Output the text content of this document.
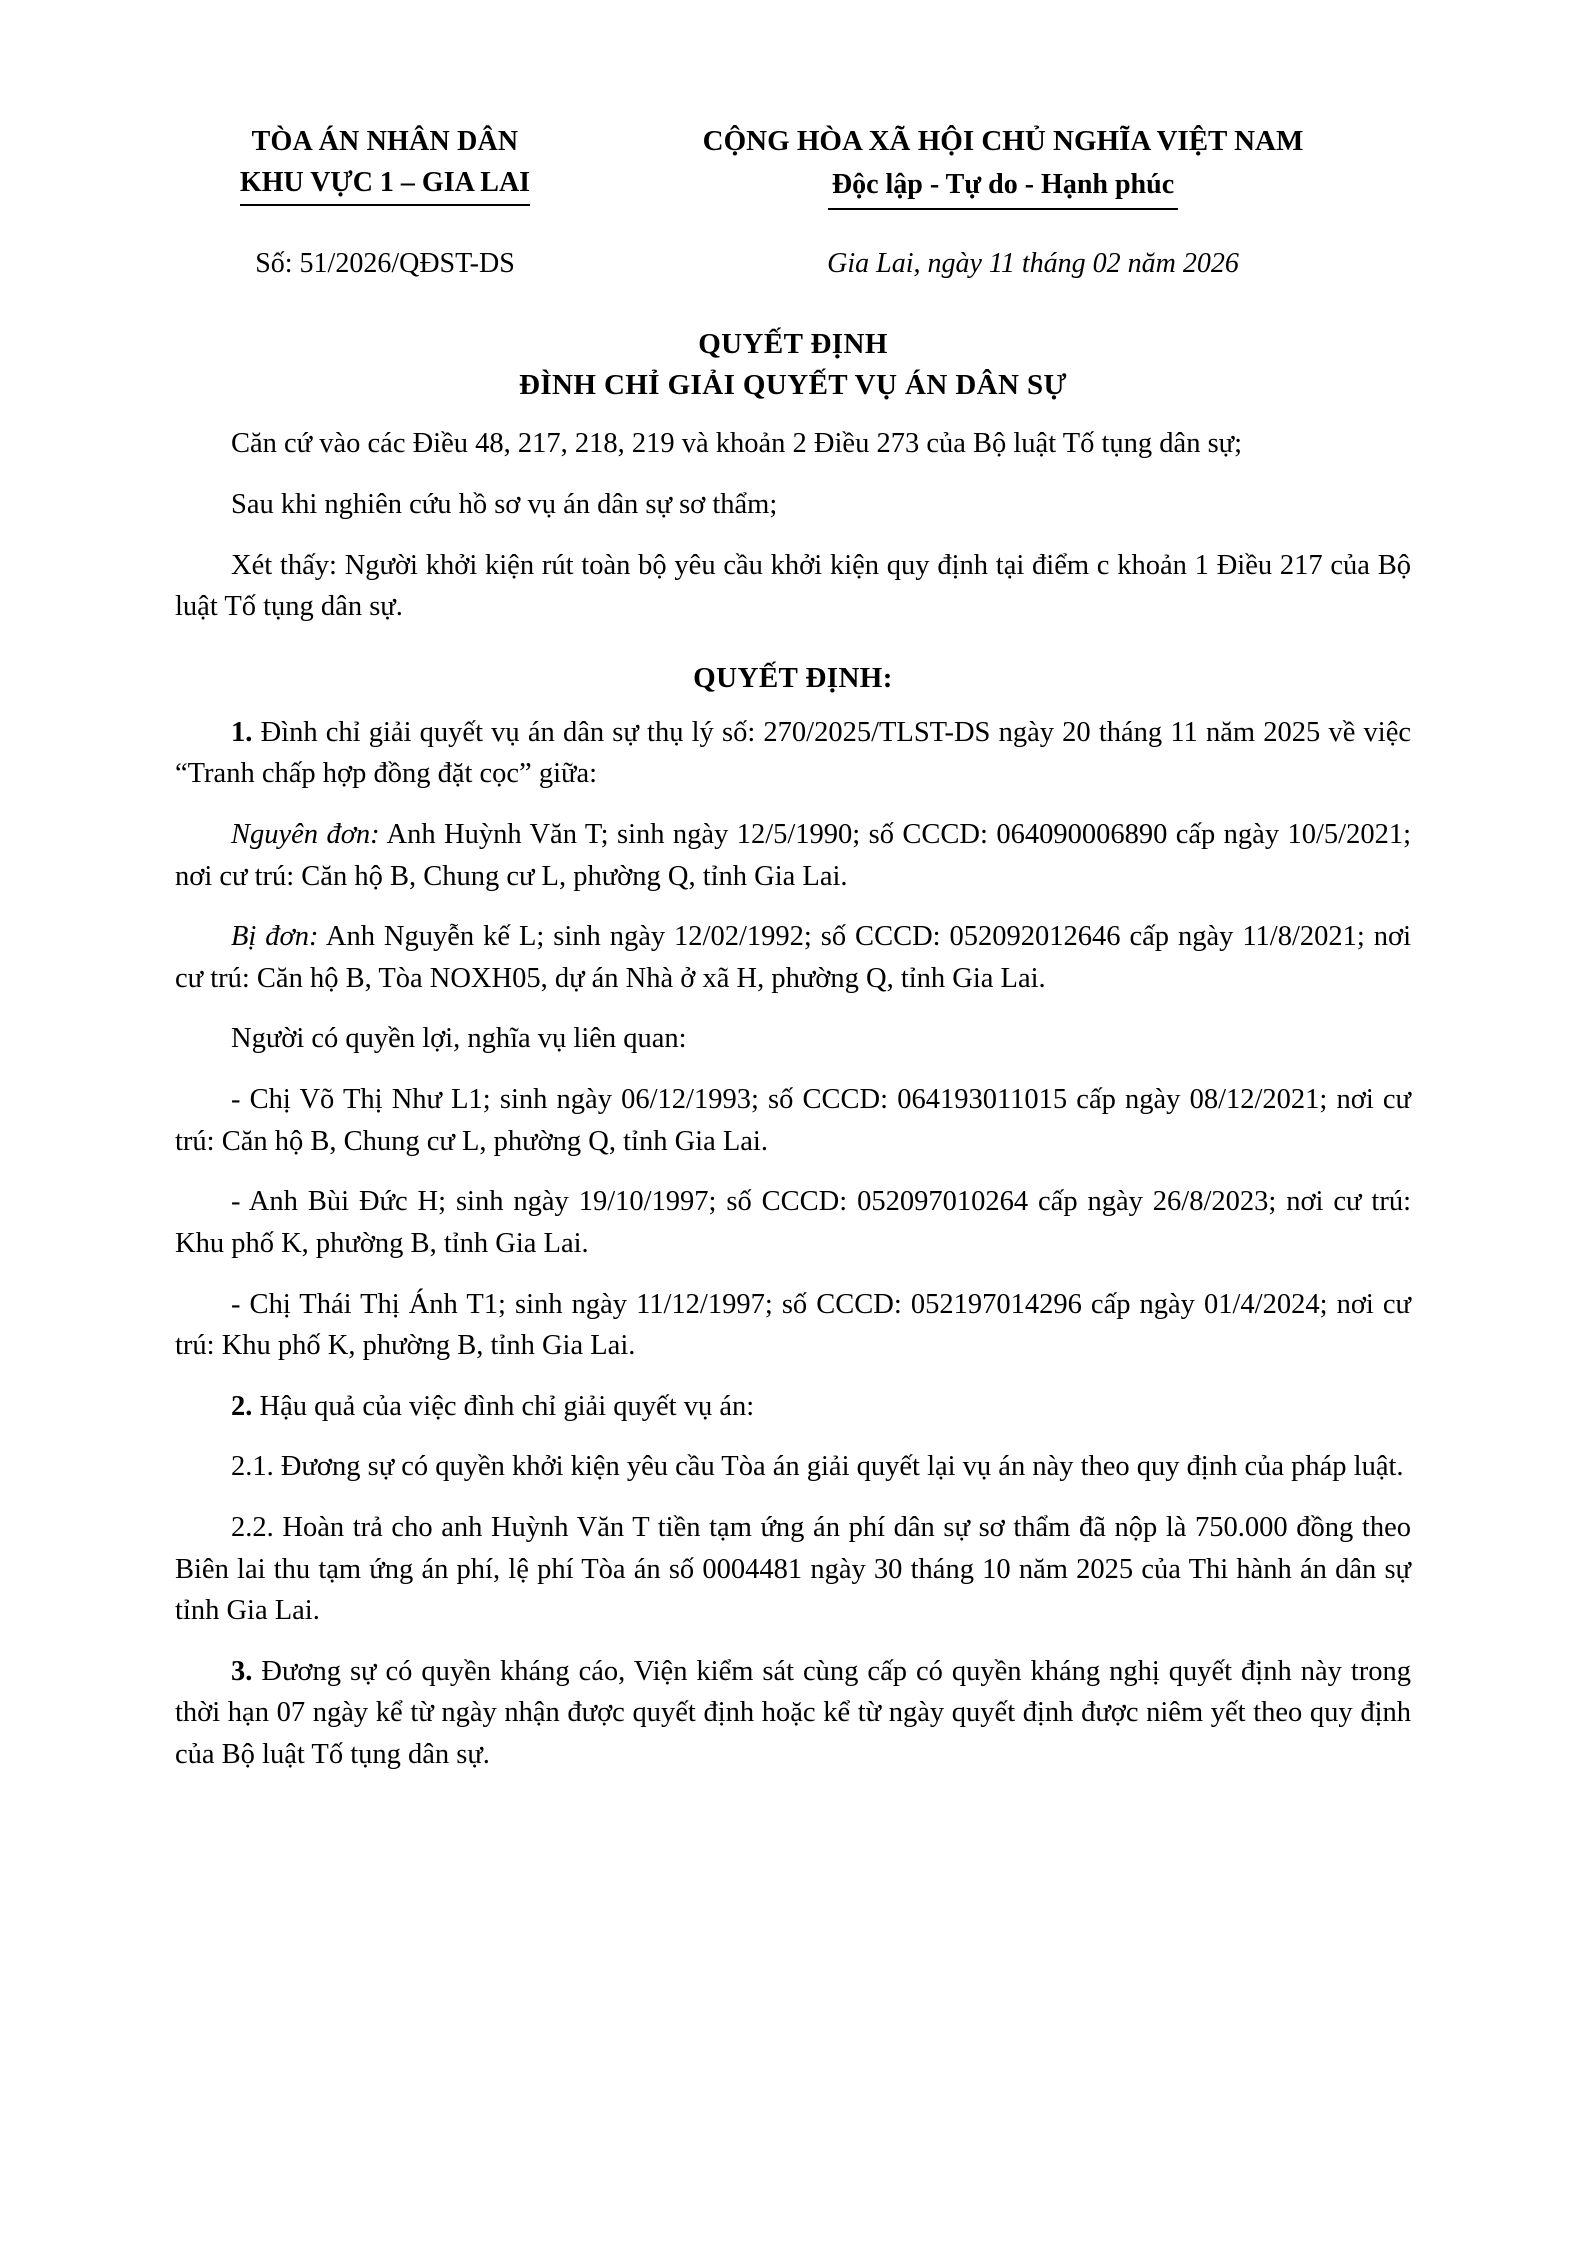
TÒA ÁN NHÂN DÂN
KHU VỰC 1 – GIA LAI
CỘNG HÒA XÃ HỘI CHỦ NGHĨA VIỆT NAM
Độc lập - Tự do - Hạnh phúc
Số: 51/2026/QĐST-DS	Gia Lai, ngày 11 tháng 02 năm 2026
QUYẾT ĐỊNH
ĐÌNH CHỈ GIẢI QUYẾT VỤ ÁN DÂN SỰ

Căn cứ vào các Điều 48, 217, 218, 219 và khoản 2 Điều 273 của Bộ luật Tố tụng dân sự;

Sau khi nghiên cứu hồ sơ vụ án dân sự sơ thẩm;

Xét thấy: Người khởi kiện rút toàn bộ yêu cầu khởi kiện quy định tại điểm c khoản 1 Điều 217 của Bộ luật Tố tụng dân sự.

QUYẾT ĐỊNH:

1. Đình chỉ giải quyết vụ án dân sự thụ lý số: 270/2025/TLST-DS ngày 20 tháng 11 năm 2025 về việc “Tranh chấp hợp đồng đặt cọc” giữa:

Nguyên đơn: Anh Huỳnh Văn T; sinh ngày 12/5/1990; số CCCD: 064090006890 cấp ngày 10/5/2021; nơi cư trú: Căn hộ B, Chung cư L, phường Q, tỉnh Gia Lai.

Bị đơn: Anh Nguyễn kế L; sinh ngày 12/02/1992; số CCCD: 052092012646 cấp ngày 11/8/2021; nơi cư trú: Căn hộ B, Tòa NOXH05, dự án Nhà ở xã H, phường Q, tỉnh Gia Lai.

Người có quyền lợi, nghĩa vụ liên quan:

- Chị Võ Thị Như L1; sinh ngày 06/12/1993; số CCCD: 064193011015 cấp ngày 08/12/2021; nơi cư trú: Căn hộ B, Chung cư L, phường Q, tỉnh Gia Lai.

- Anh Bùi Đức H; sinh ngày 19/10/1997; số CCCD: 052097010264 cấp ngày 26/8/2023; nơi cư trú: Khu phố K, phường B, tỉnh Gia Lai.

- Chị Thái Thị Ánh T1; sinh ngày 11/12/1997; số CCCD: 052197014296 cấp ngày 01/4/2024; nơi cư trú: Khu phố K, phường B, tỉnh Gia Lai.

2. Hậu quả của việc đình chỉ giải quyết vụ án:

2.1. Đương sự có quyền khởi kiện yêu cầu Tòa án giải quyết lại vụ án này theo quy định của pháp luật.

2.2. Hoàn trả cho anh Huỳnh Văn T tiền tạm ứng án phí dân sự sơ thẩm đã nộp là 750.000 đồng theo Biên lai thu tạm ứng án phí, lệ phí Tòa án số 0004481 ngày 30 tháng 10 năm 2025 của Thi hành án dân sự tỉnh Gia Lai.

3. Đương sự có quyền kháng cáo, Viện kiểm sát cùng cấp có quyền kháng nghị quyết định này trong thời hạn 07 ngày kể từ ngày nhận được quyết định hoặc kể từ ngày quyết định được niêm yết theo quy định của Bộ luật Tố tụng dân sự.
